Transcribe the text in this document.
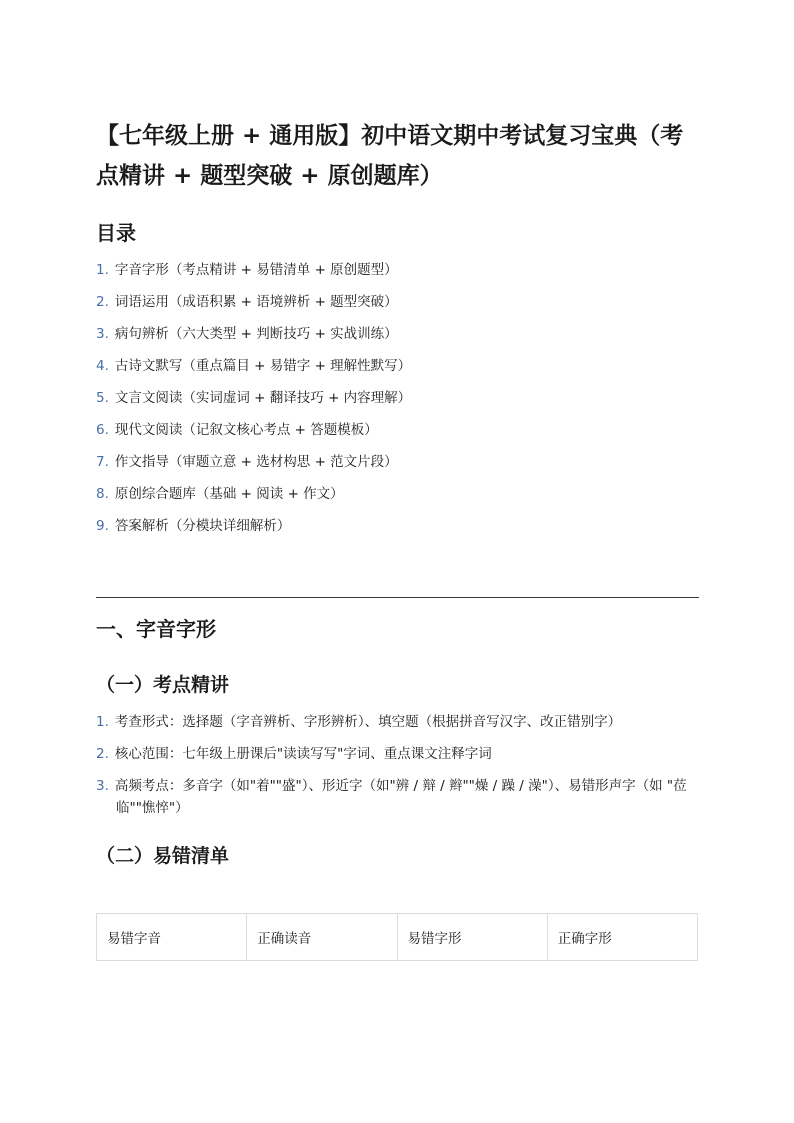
【七年级上册 + 通用版】初中语文期中考试复习宝典（考点精讲 + 题型突破 + 原创题库）
目录
1. 字音字形（考点精讲 + 易错清单 + 原创题型）
2. 词语运用（成语积累 + 语境辨析 + 题型突破）
3. 病句辨析（六大类型 + 判断技巧 + 实战训练）
4. 古诗文默写（重点篇目 + 易错字 + 理解性默写）
5. 文言文阅读（实词虚词 + 翻译技巧 + 内容理解）
6. 现代文阅读（记叙文核心考点 + 答题模板）
7. 作文指导（审题立意 + 选材构思 + 范文片段）
8. 原创综合题库（基础 + 阅读 + 作文）
9. 答案解析（分模块详细解析）
一、字音字形
（一）考点精讲
1. 考查形式：选择题（字音辨析、字形辨析）、填空题（根据拼音写汉字、改正错别字）
2. 核心范围：七年级上册课后"读读写写"字词、重点课文注释字词
3. 高频考点：多音字（如"着""盛"）、形近字（如"辨 / 辩 / 辫""燥 / 躁 / 澡"）、易错形声字（如 "莅临""憔悴"）
（二）易错清单
易错字音	正确读音	易错字形	正确字形
